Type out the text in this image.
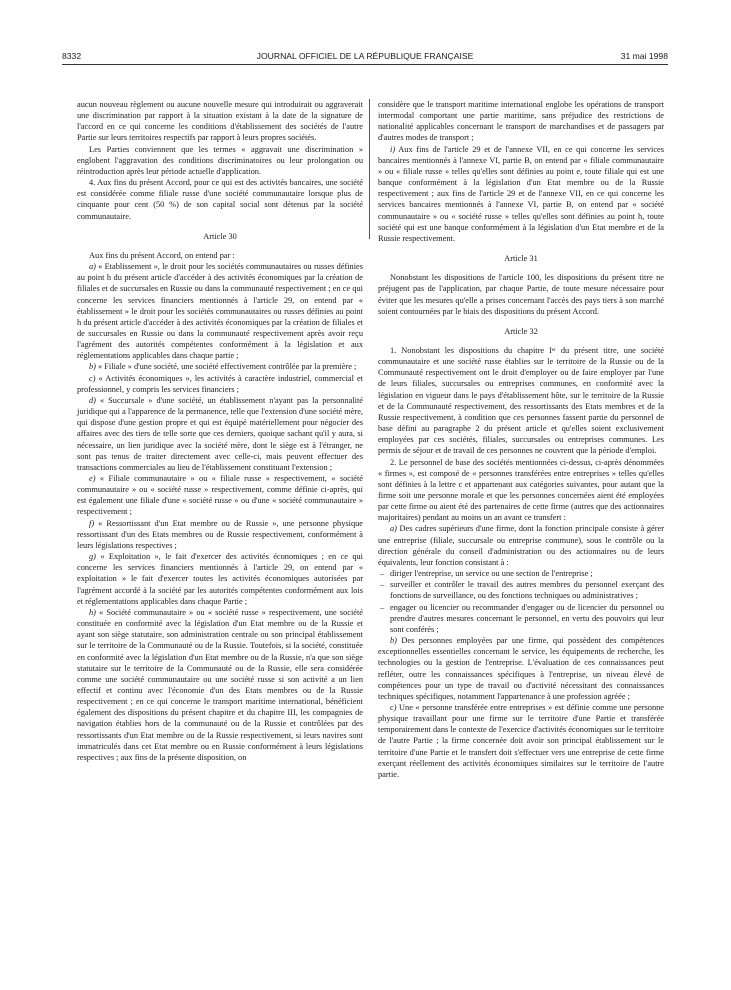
8332	JOURNAL OFFICIEL DE LA RÉPUBLIQUE FRANÇAISE	31 mai 1998

aucun nouveau règlement ou aucune nouvelle mesure qui introduirait ou aggraverait une discrimination par rapport à la situation existant à la date de la signature de l'accord en ce qui concerne les conditions d'établissement des sociétés de l'autre Partie sur leurs territoires respectifs par rapport à leurs propres sociétés.

Les Parties conviennent que les termes « aggravait une discrimination » englobent l'aggravation des conditions discriminatoires ou leur prolongation ou réintroduction après leur période actuelle d'application.

4. Aux fins du présent Accord, pour ce qui est des activités bancaires, une société est considérée comme filiale russe d'une société communautaire lorsque plus de cinquante pour cent (50 %) de son capital social sont détenus par la société communautaire.

Article 30

Aux fins du présent Accord, on entend par :

a) « Etablissement », le droit pour les sociétés communautaires ou russes définies au point h du présent article d'accéder à des activités économiques par la création de filiales et de succursales en Russie ou dans la communauté respectivement ; en ce qui concerne les services financiers mentionnés à l'article 29, on entend par « établissement » le droit pour les sociétés communautaires ou russes définies au point h du présent article d'accéder à des activités économiques par la création de filiales et de succursales en Russie ou dans la communauté respectivement après avoir reçu l'agrément des autorités compétentes conformément à la législation et aux réglementations applicables dans chaque partie ;

b) « Filiale » d'une société, une société effectivement contrôlée par la première ;

c) « Activités économiques », les activités à caractère industriel, commercial et professionnel, y compris les services financiers ;

d) « Succursale » d'une société, un établissement n'ayant pas la personnalité juridique qui a l'apparence de la permanence, telle que l'extension d'une société mère, qui dispose d'une gestion propre et qui est équipé matériellement pour négocier des affaires avec des tiers de telle sorte que ces derniers, quoique sachant qu'il y aura, si nécessaire, un lien juridique avec la société mère, dont le siège est à l'étranger, ne sont pas tenus de traiter directement avec celle-ci, mais peuvent effectuer des transactions commerciales au lieu de l'établissement constituant l'extension ;

e) « Filiale communautaire » ou « filiale russe » respectivement, « société communautaire » ou « société russe » respectivement, comme définie ci-après, qui est également une filiale d'une « société russe » ou d'une « société communautaire » respectivement ;

f) « Ressortissant d'un Etat membre ou de Russie », une personne physique ressortissant d'un des Etats membres ou de Russie respectivement, conformément à leurs législations respectives ;

g) « Exploitation », le fait d'exercer des activités économiques ; en ce qui concerne les services financiers mentionnés à l'article 29, on entend par « exploitation » le fait d'exercer toutes les activités économiques autorisées par l'agrément accordé à la société par les autorités compétentes conformément aux lois et réglementations applicables dans chaque Partie ;

h) « Société communautaire » ou « société russe » respectivement, une société constituée en conformité avec la législation d'un Etat membre ou de la Russie et ayant son siège statutaire, son administration centrale ou son principal établissement sur le territoire de la Communauté ou de la Russie. Toutefois, si la société, constituée en conformité avec la législation d'un Etat membre ou de la Russie, n'a que son siège statutaire sur le territoire de la Communauté ou de la Russie, elle sera considérée comme une société communautaire ou une société russe si son activité a un lien effectif et continu avec l'économie d'un des Etats membres ou de la Russie respectivement ; en ce qui concerne le transport maritime international, bénéficient également des dispositions du présent chapitre et du chapitre III, les compagnies de navigation établies hors de la communauté ou de la Russie et contrôlées par des ressortissants d'un Etat membre ou de la Russie respectivement, si leurs navires sont immatriculés dans cet Etat membre ou en Russie conformément à leurs législations respectives ; aux fins de la présente disposition, on

considère que le transport maritime international englobe les opérations de transport intermodal comportant une partie maritime, sans préjudice des restrictions de nationalité applicables concernant le transport de marchandises et de passagers par d'autres modes de transport ;

i) Aux fins de l'article 29 et de l'annexe VII, en ce qui concerne les services bancaires mentionnés à l'annexe VI, partie B, on entend par « filiale communautaire » ou « filiale russe » telles qu'elles sont définies au point e, toute filiale qui est une banque conformément à la législation d'un Etat membre ou de la Russie respectivement ; aux fins de l'article 29 et de l'annexe VII, en ce qui concerne les services bancaires mentionnés à l'annexe VI, partie B, on entend par « société communautaire » ou « société russe » telles qu'elles sont définies au point h, toute société qui est une banque conformément à la législation d'un Etat membre et de la Russie respectivement.

Article 31

Nonobstant les dispositions de l'article 100, les dispositions du présent titre ne préjugent pas de l'application, par chaque Partie, de toute mesure nécessaire pour éviter que les mesures qu'elle a prises concernant l'accès des pays tiers à son marché soient contournées par le biais des dispositions du présent Accord.

Article 32

1. Nonobstant les dispositions du chapitre Iᵉʳ du présent titre, une société communautaire et une société russe établies sur le territoire de la Russie ou de la Communauté respectivement ont le droit d'employer ou de faire employer par l'une de leurs filiales, succursales ou entreprises communes, en conformité avec la législation en vigueur dans le pays d'établissement hôte, sur le territoire de la Russie et de la Communauté respectivement, des ressortissants des Etats membres et de la Russie respectivement, à condition que ces personnes fassent partie du personnel de base défini au paragraphe 2 du présent article et qu'elles soient exclusivement employées par ces sociétés, filiales, succursales ou entreprises communes. Les permis de séjour et de travail de ces personnes ne couvrent que la période d'emploi.

2. Le personnel de base des sociétés mentionnées ci-dessus, ci-après dénommées « firmes », est composé de « personnes transférées entre entreprises » telles qu'elles sont définies à la lettre c et appartenant aux catégories suivantes, pour autant que la firme soit une personne morale et que les personnes concernées aient été employées par cette firme ou aient été des partenaires de cette firme (autres que des actionnaires majoritaires) pendant au moins un an avant ce transfert :

a) Des cadres supérieurs d'une firme, dont la fonction principale consiste à gérer une entreprise (filiale, succursale ou entreprise commune), sous le contrôle ou la direction générale du conseil d'administration ou des actionnaires ou de leurs équivalents, leur fonction consistant à :

– diriger l'entreprise, un service ou une section de l'entreprise ;

– surveiller et contrôler le travail des autres membres du personnel exerçant des fonctions de surveillance, ou des fonctions techniques ou administratives ;

– engager ou licencier ou recommander d'engager ou de licencier du personnel ou prendre d'autres mesures concernant le personnel, en vertu des pouvoirs qui leur sont conférés ;

b) Des personnes employées par une firme, qui possèdent des compétences exceptionnelles essentielles concernant le service, les équipements de recherche, les technologies ou la gestion de l'entreprise. L'évaluation de ces connaissances peut refléter, outre les connaissances spécifiques à l'entreprise, un niveau élevé de compétences pour un type de travail ou d'activité nécessitant des connaissances techniques spécifiques, notamment l'appartenance à une profession agréée ;

c) Une « personne transférée entre entreprises » est définie comme une personne physique travaillant pour une firme sur le territoire d'une Partie et transférée temporairement dans le contexte de l'exercice d'activités économiques sur le territoire de l'autre Partie ; la firme concernée doit avoir son principal établissement sur le territoire d'une Partie et le transfert doit s'effectuer vers une entreprise de cette firme exerçant réellement des activités économiques similaires sur le territoire de l'autre partie.
